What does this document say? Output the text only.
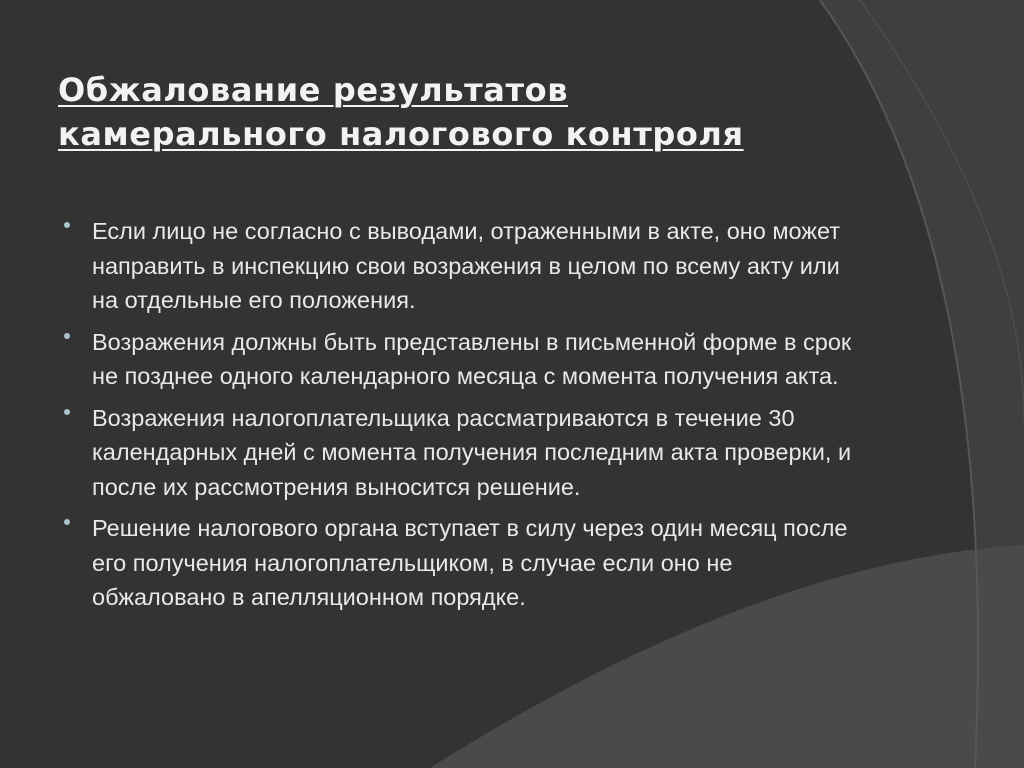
Обжалование результатов
камерального налогового контроля
Если лицо не согласно с выводами, отраженными в акте, оно может направить в инспекцию свои возражения в целом по всему акту или на отдельные его положения.
Возражения должны быть представлены в письменной форме в срок не позднее одного календарного месяца с момента получения акта.
Возражения налогоплательщика рассматриваются в течение 30 календарных дней с момента получения последним акта проверки, и после их рассмотрения выносится решение.
Решение налогового органа вступает в силу через один месяц после его получения налогоплательщиком, в случае если оно не обжаловано в апелляционном порядке.
